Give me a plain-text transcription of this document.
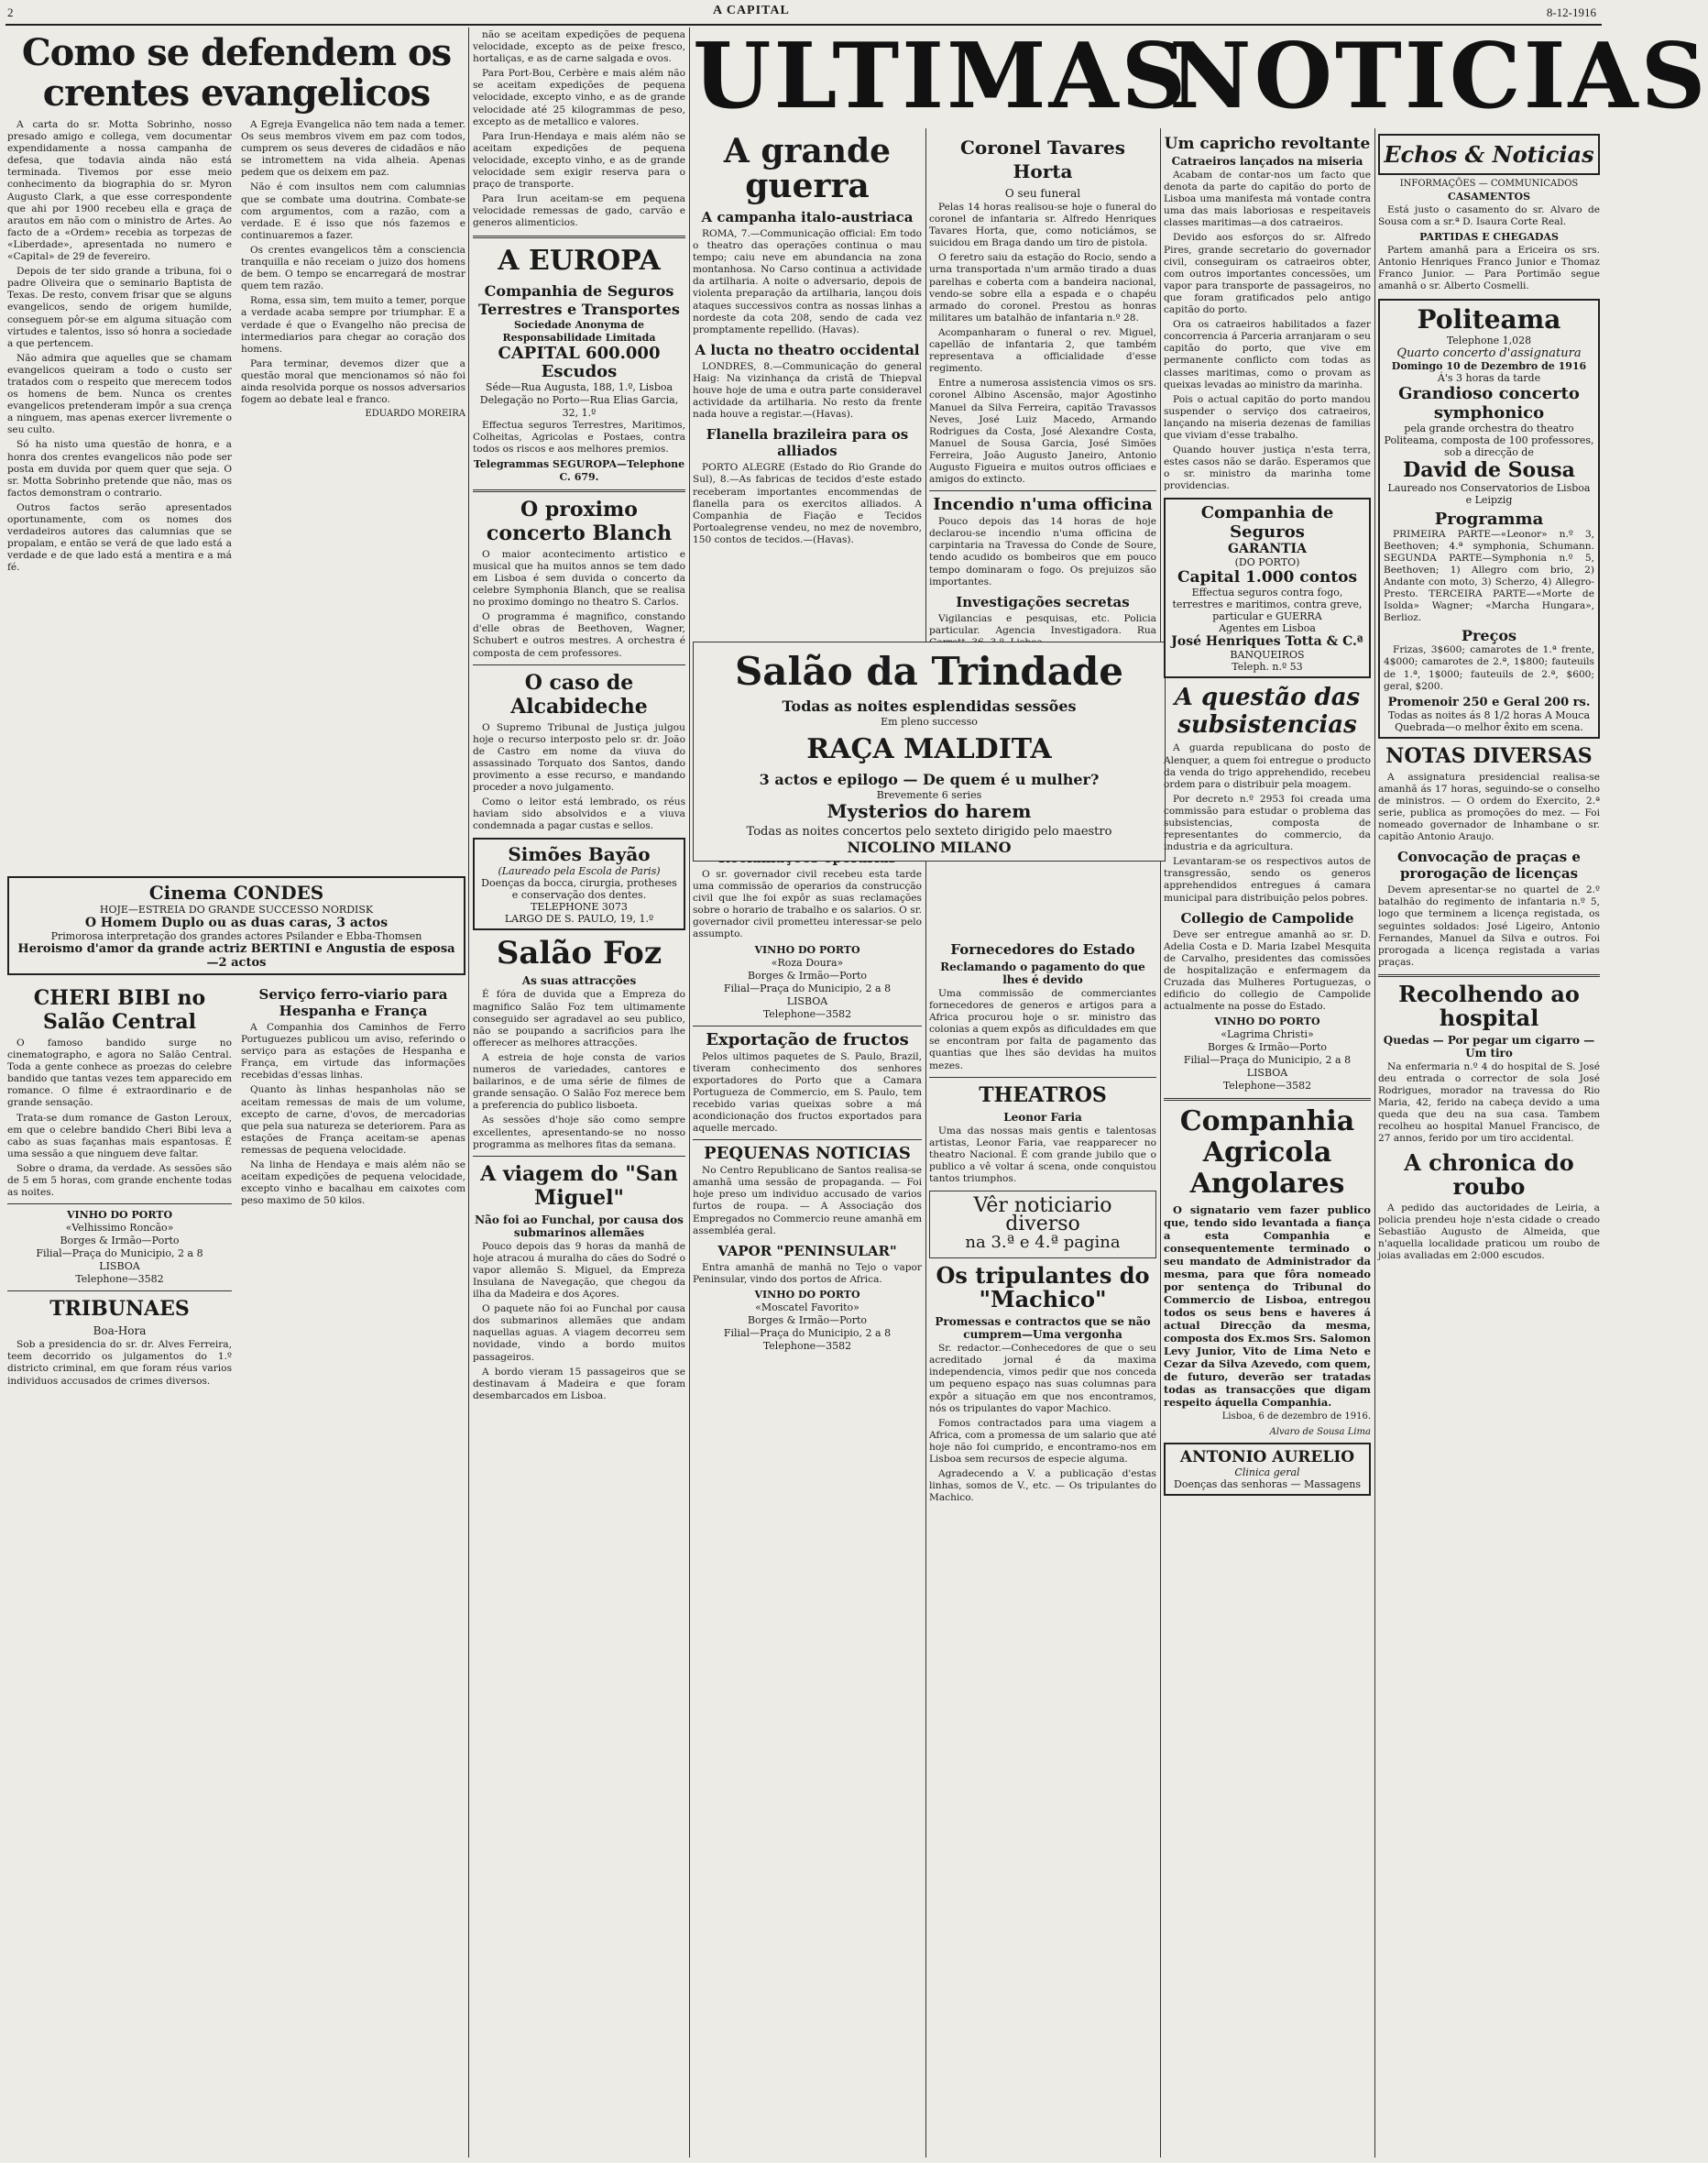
2	A CAPITAL	8-12-1916
ULTIMAS
NOTICIAS
Como se defendem os crentes evangelicos

A carta do sr. Motta Sobrinho, nosso presado amigo e collega, vem documentar expendidamente a nossa campanha de defesa, que todavia ainda não está terminada. Tivemos por esse meio conhecimento da biographia do sr. Myron Augusto Clark, a que esse correspondente que ahi por 1900 recebeu ella e graça de arautos em não com o ministro de Artes. Ao facto de a «Ordem» recebia as torpezas de «Liberdade», apresentada no numero e «Capital» de 29 de fevereiro.

Depois de ter sido grande a tribuna, foi o padre Oliveira que o seminario Baptista de Texas. De resto, convem frisar que se alguns evangelicos, sendo de origem humilde, conseguem pôr-se em alguma situação com virtudes e talentos, isso só honra a sociedade a que pertencem.

Não admira que aquelles que se chamam evangelicos queiram a todo o custo ser tratados com o respeito que merecem todos os homens de bem. Nunca os crentes evangelicos pretenderam impôr a sua crença a ninguem, mas apenas exercer livremente o seu culto.

Só ha nisto uma questão de honra, e a honra dos crentes evangelicos não pode ser posta em duvida por quem quer que seja. O sr. Motta Sobrinho pretende que não, mas os factos demonstram o contrario.

Outros factos serão apresentados oportunamente, com os nomes dos verdadeiros autores das calumnias que se propalam, e então se verá de que lado está a verdade e de que lado está a mentira e a má fé.

A Egreja Evangelica não tem nada a temer. Os seus membros vivem em paz com todos, cumprem os seus deveres de cidadãos e não se intromettem na vida alheia. Apenas pedem que os deixem em paz.

Não é com insultos nem com calumnias que se combate uma doutrina. Combate-se com argumentos, com a razão, com a verdade. E é isso que nós fazemos e continuaremos a fazer.

Os crentes evangelicos têm a consciencia tranquilla e não receiam o juizo dos homens de bem. O tempo se encarregará de mostrar quem tem razão.

Roma, essa sim, tem muito a temer, porque a verdade acaba sempre por triumphar. E a verdade é que o Evangelho não precisa de intermediarios para chegar ao coração dos homens.

Para terminar, devemos dizer que a questão moral que mencionamos só não foi ainda resolvida porque os nossos adversarios fogem ao debate leal e franco.

EDUARDO MOREIRA
Cinema CONDES
HOJE—ESTREIA DO GRANDE SUCCESSO NORDISK
O Homem Duplo ou as duas caras, 3 actos
Primorosa interpretação dos grandes actores Psilander e Ebba-Thomsen
Heroismo d'amor da grande actriz BERTINI e Angustia de esposa—2 actos
CHERI BIBI no Salão Central

O famoso bandido surge no cinematographo, e agora no Salão Central. Toda a gente conhece as proezas do celebre bandido que tantas vezes tem apparecido em romance. O filme é extraordinario e de grande sensação.

Trata-se dum romance de Gaston Leroux, em que o celebre bandido Cheri Bibi leva a cabo as suas façanhas mais espantosas. É uma sessão a que ninguem deve faltar.

Sobre o drama, da verdade. As sessões são de 5 em 5 horas, com grande enchente todas as noites.

VINHO DO PORTO
«Velhissimo Roncão»
Borges & Irmão—Porto
Filial—Praça do Municipio, 2 a 8
LISBOA
Telephone—3582
TRIBUNAES
Boa-Hora

Sob a presidencia do sr. dr. Alves Ferreira, teem decorrido os julgamentos do 1.º districto criminal, em que foram réus varios individuos accusados de crimes diversos.

Serviço ferro-viario para Hespanha e França

A Companhia dos Caminhos de Ferro Portuguezes publicou um aviso, referindo o serviço para as estações de Hespanha e França, em virtude das informações recebidas d'essas linhas.

Quanto às linhas hespanholas não se aceitam remessas de mais de um volume, excepto de carne, d'ovos, de mercadorias que pela sua natureza se deteriorem. Para as estações de França aceitam-se apenas remessas de pequena velocidade.

Na linha de Hendaya e mais além não se aceitam expedições de pequena velocidade, excepto vinho e bacalhau em caixotes com peso maximo de 50 kilos.

não se aceitam expedições de pequena velocidade, excepto as de peixe fresco, hortaliças, e as de carne salgada e ovos.

Para Port-Bou, Cerbère e mais além não se aceitam expedições de pequena velocidade, excepto vinho, e as de grande velocidade até 25 kilogrammas de peso, excepto as de metallico e valores.

Para Irun-Hendaya e mais além não se aceitam expedições de pequena velocidade, excepto vinho, e as de grande velocidade sem exigir reserva para o praço de transporte.

Para Irun aceitam-se em pequena velocidade remessas de gado, carvão e generos alimenticios.

A EUROPA
Companhia de Seguros Terrestres e Transportes
Sociedade Anonyma de Responsabilidade Limitada
CAPITAL 600.000 Escudos
Séde—Rua Augusta, 188, 1.º, Lisboa
Delegação no Porto—Rua Elias Garcia, 32, 1.º

Effectua seguros Terrestres, Maritimos, Colheitas, Agricolas e Postaes, contra todos os riscos e aos melhores premios.

Telegrammas SEGUROPA—Telephone C. 679.
O proximo concerto Blanch

O maior acontecimento artistico e musical que ha muitos annos se tem dado em Lisboa é sem duvida o concerto da celebre Symphonia Blanch, que se realisa no proximo domingo no theatro S. Carlos.

O programma é magnifico, constando d'elle obras de Beethoven, Wagner, Schubert e outros mestres. A orchestra é composta de cem professores.

O caso de Alcabideche

O Supremo Tribunal de Justiça julgou hoje o recurso interposto pelo sr. dr. João de Castro em nome da viuva do assassinado Torquato dos Santos, dando provimento a esse recurso, e mandando proceder a novo julgamento.

Como o leitor está lembrado, os réus haviam sido absolvidos e a viuva condemnada a pagar custas e sellos.

Simões Bayão
(Laureado pela Escola de Paris)
Doenças da bocca, cirurgia, protheses e conservação dos dentes.
TELEPHONE 3073
LARGO DE S. PAULO, 19, 1.º
Salão Foz
As suas attracções

É fóra de duvida que a Empreza do magnifico Salão Foz tem ultimamente conseguido ser agradavel ao seu publico, não se poupando a sacrificios para lhe offerecer as melhores attracções.

A estreia de hoje consta de varios numeros de variedades, cantores e bailarinos, e de uma série de filmes de grande sensação. O Salão Foz merece bem a preferencia do publico lisboeta.

As sessões d'hoje são como sempre excellentes, apresentando-se no nosso programma as melhores fitas da semana.

A viagem do "San Miguel"
Não foi ao Funchal, por causa dos submarinos allemães

Pouco depois das 9 horas da manhã de hoje atracou á muralha do cães do Sodré o vapor allemão S. Miguel, da Empreza Insulana de Navegação, que chegou da ilha da Madeira e dos Açores.

O paquete não foi ao Funchal por causa dos submarinos allemães que andam naquellas aguas. A viagem decorreu sem novidade, vindo a bordo muitos passageiros.

A bordo vieram 15 passageiros que se destinavam á Madeira e que foram desembarcados em Lisboa.

A grande guerra
A campanha italo-austriaca

ROMA, 7.—Communicação official: Em todo o theatro das operações continua o mau tempo; caiu neve em abundancia na zona montanhosa. No Carso continua a actividade da artilharia. A noite o adversario, depois de violenta preparação da artilharia, lançou dois ataques successivos contra as nossas linhas a nordeste da cota 208, sendo de cada vez promptamente repellido. (Havas).

A lucta no theatro occidental

LONDRES, 8.—Communicação do general Haig: Na vizinhança da cristã de Thiepval houve hoje de uma e outra parte consideravel actividade da artilharia. No resto da frente nada houve a registar.—(Havas).

Flanella brazileira para os alliados

PORTO ALEGRE (Estado do Rio Grande do Sul), 8.—As fabricas de tecidos d'este estado receberam importantes encommendas de flanella para os exercitos alliados. A Companhia de Fiação e Tecidos Portoalegrense vendeu, no mez de novembro, 150 contos de tecidos.—(Havas).

O sr. governador civil recebeu esta tarde uma commissão de operarios da construcção civil que lhe foi expôr as suas reclamações sobre o horario de trabalho e os salarios. O sr. governador civil prometteu interessar-se pelo assumpto.

VINHO DO PORTO
«Roza Doura»
Borges & Irmão—Porto
Filial—Praça do Municipio, 2 a 8
LISBOA
Telephone—3582
Exportação de fructos

Pelos ultimos paquetes de S. Paulo, Brazil, tiveram conhecimento dos senhores exportadores do Porto que a Camara Portugueza de Commercio, em S. Paulo, tem recebido varias queixas sobre a má acondicionação dos fructos exportados para aquelle mercado.

PEQUENAS NOTICIAS

No Centro Republicano de Santos realisa-se amanhã uma sessão de propaganda. — Foi hoje preso um individuo accusado de varios furtos de roupa. — A Associação dos Empregados no Commercio reune amanhã em assembléa geral.

VAPOR "PENINSULAR"

Entra amanhã de manhã no Tejo o vapor Peninsular, vindo dos portos de Africa.

VINHO DO PORTO
«Moscatel Favorito»
Borges & Irmão—Porto
Filial—Praça do Municipio, 2 a 8
Telephone—3582
Coronel Tavares Horta
O seu funeral

Pelas 14 horas realisou-se hoje o funeral do coronel de infantaria sr. Alfredo Henriques Tavares Horta, que, como noticiámos, se suicidou em Braga dando um tiro de pistola.

O feretro saiu da estação do Rocio, sendo a urna transportada n'um armão tirado a duas parelhas e coberta com a bandeira nacional, vendo-se sobre ella a espada e o chapéu armado do coronel. Prestou as honras militares um batalhão de infantaria n.º 28.

Acompanharam o funeral o rev. Miguel, capellão de infantaria 2, que também representava a officialidade d'esse regimento.

Entre a numerosa assistencia vimos os srs. coronel Albino Ascensão, major Agostinho Manuel da Silva Ferreira, capitão Travassos Neves, José Luiz Macedo, Armando Rodrigues da Costa, José Alexandre Costa, Manuel de Sousa Garcia, José Simões Ferreira, João Augusto Janeiro, Antonio Augusto Figueira e muitos outros officiaes e amigos do extincto.

Incendio n'uma officina

Pouco depois das 14 horas de hoje declarou-se incendio n'uma officina de carpintaria na Travessa do Conde de Soure, tendo acudido os bombeiros que em pouco tempo dominaram o fogo. Os prejuizos são importantes.

Investigações secretas

Vigilancias e pesquisas, etc. Policia particular. Agencia Investigadora. Rua

Fornecedores do Estado
Reclamando o pagamento do que lhes é devido

Uma commissão de commerciantes fornecedores de generos e artigos para a Africa procurou hoje o sr. ministro das colonias a quem expôs as dificuldades em que se encontram por falta de pagamento das quantias que lhes são devidas ha muitos mezes.

THEATROS
Leonor Faria

Uma das nossas mais gentis e talentosas artistas, Leonor Faria, vae reapparecer no theatro Nacional. É com grande jubilo que o publico a vê voltar á scena, onde conquistou tantos triumphos.

Vêr noticiario diverso
na 3.ª e 4.ª pagina
Os tripulantes do "Machico"
Promessas e contractos que se não cumprem—Uma vergonha

Sr. redactor.—Conhecedores de que o seu acreditado jornal é da maxima independencia, vimos pedir que nos conceda um pequeno espaço nas suas columnas para expôr a situação em que nos encontramos, nós os tripulantes do vapor Machico.

Fomos contractados para uma viagem a Africa, com a promessa de um salario que até hoje não foi cumprido, e encontramo-nos em Lisboa sem recursos de especie alguma.

Agradecendo a V. a publicação d'estas linhas, somos de V., etc. — Os tripulantes do Machico.

Salão da Trindade
Todas as noites esplendidas sessões
Em pleno successo
RAÇA MALDITA
3 actos e epilogo — De quem é u mulher?
Brevemente 6 series
Mysterios do harem
Todas as noites concertos pelo sexteto dirigido pelo maestro
NICOLINO MILANO
Um capricho revoltante
Catraeiros lançados na miseria

Acabam de contar-nos um facto que denota da parte do capitão do porto de Lisboa uma manifesta má vontade contra uma das mais laboriosas e respeitaveis classes maritimas—a dos catraeiros.

Devido aos esforços do sr. Alfredo Pires, grande secretario do governador civil, conseguiram os catraeiros obter, com outros importantes concessões, um vapor para transporte de passageiros, no que foram gratificados pelo antigo capitão do porto.

Ora os catraeiros habilitados a fazer concorrencia á Parceria arranjaram o seu capitão do porto, que vive em permanente conflicto com todas as classes maritimas, como o provam as queixas levadas ao ministro da marinha.

Pois o actual capitão do porto mandou suspender o serviço dos catraeiros, lançando na miseria dezenas de familias que viviam d'esse trabalho.

Quando houver justiça n'esta terra, estes casos não se darão. Esperamos que o sr. ministro da marinha tome providencias.

Companhia de Seguros
GARANTIA
(DO PORTO)
Capital 1.000 contos
Effectua seguros contra fogo, terrestres e maritimos, contra greve, particular e GUERRA
Agentes em Lisboa
José Henriques Totta & C.ª
BANQUEIROS
Teleph. n.º 53
A questão das subsistencias

A guarda republicana do posto de Alenquer, a quem foi entregue o producto da venda do trigo apprehendido, recebeu ordem para o distribuir pela moagem.

Por decreto n.º 2953 foi creada uma commissão para estudar o problema das subsistencias, composta de representantes do commercio, da industria e da agricultura.

Levantaram-se os respectivos autos de transgressão, sendo os generos apprehendidos entregues á camara municipal para distribuição pelos pobres.

Collegio de Campolide

Deve ser entregue amanhã ao sr. D. Adelia Costa e D. Maria Izabel Mesquita de Carvalho, presidentes das comissões de hospitalização e enfermagem da Cruzada das Mulheres Portuguezas, o edificio do collegio de Campolide actualmente na posse do Estado.

VINHO DO PORTO
«Lagrima Christi»
Borges & Irmão—Porto
Filial—Praça do Municipio, 2 a 8
LISBOA
Telephone—3582
Companhia Agricola Angolares

O signatario vem fazer publico que, tendo sido levantada a fiança a esta Companhia e consequentemente terminado o seu mandato de Administrador da mesma, para que fôra nomeado por sentença do Tribunal do Commercio de Lisboa, entregou todos os seus bens e haveres á actual Direcção da mesma, composta dos Ex.mos Srs. Salomon Levy Junior, Vito de Lima Neto e Cezar da Silva Azevedo, com quem, de futuro, deverão ser tratadas todas as transacções que digam respeito áquella Companhia.

Lisboa, 6 de dezembro de 1916.
Alvaro de Sousa Lima
ANTONIO AURELIO
Clinica geral
Doenças das senhoras — Massagens
Echos & Noticias
INFORMAÇÕES — COMMUNICADOS
CASAMENTOS

Está justo o casamento do sr. Alvaro de Sousa com a sr.ª D. Isaura Corte Real.

PARTIDAS E CHEGADAS

Partem amanhã para a Ericeira os srs. Antonio Henriques Franco Junior e Thomaz Franco Junior. — Para Portimão segue amanhã o sr. Alberto Cosmelli.

Politeama
Telephone 1,028
Quarto concerto d'assignatura
Domingo 10 de Dezembro de 1916
Á's 3 horas da tarde
Grandioso concerto symphonico
pela grande orchestra do theatro Politeama, composta de 100 professores, sob a direcção de
David de Sousa
Laureado nos Conservatorios de Lisboa e Leipzig
Programma

PRIMEIRA PARTE—«Leonor» n.º 3, Beethoven; 4.ª symphonia, Schumann. SEGUNDA PARTE—Symphonia n.º 5, Beethoven; 1) Allegro com brio, 2) Andante con moto, 3) Scherzo, 4) Allegro-Presto. TERCEIRA PARTE—«Morte de Isolda» Wagner; «Marcha Hungara», Berlioz.

Preços

Frizas, 3$600; camarotes de 1.ª frente, 4$000; camarotes de 2.ª, 1$800; fauteuils de 1.ª, 1$000; fauteuils de 2.ª, $600; geral, $200.

Promenoir 250 e Geral 200 rs.
Todas as noites ás 8 1/2 horas A Mouca Quebrada—o melhor êxito em scena.
NOTAS DIVERSAS

A assignatura presidencial realisa-se amanhã ás 17 horas, seguindo-se o conselho de ministros. — O ordem do Exercito, 2.ª serie, publica as promoções do mez. — Foi nomeado governador de Inhambane o sr. capitão Antonio Araujo.

Convocação de praças e prorogação de licenças

Devem apresentar-se no quartel de 2.º batalhão do regimento de infantaria n.º 5, logo que terminem a licença registada, os seguintes soldados: José Ligeiro, Antonio Fernandes, Manuel da Silva e outros. Foi prorogada a licença registada a varias praças.

Recolhendo ao hospital
Quedas — Por pegar um cigarro — Um tiro

Na enfermaria n.º 4 do hospital de S. José deu entrada o corrector de sola José Rodrigues, morador na travessa do Rio Maria, 42, ferido na cabeça devido a uma queda que deu na sua casa. Tambem recolheu ao hospital Manuel Francisco, de 27 annos, ferido por um tiro accidental.

A chronica do roubo

A pedido das auctoridades de Leiria, a policia prendeu hoje n'esta cidade o creado Sebastião Augusto de Almeida, que n'aquella localidade praticou um roubo de joias avaliadas em 2:000 escudos.
